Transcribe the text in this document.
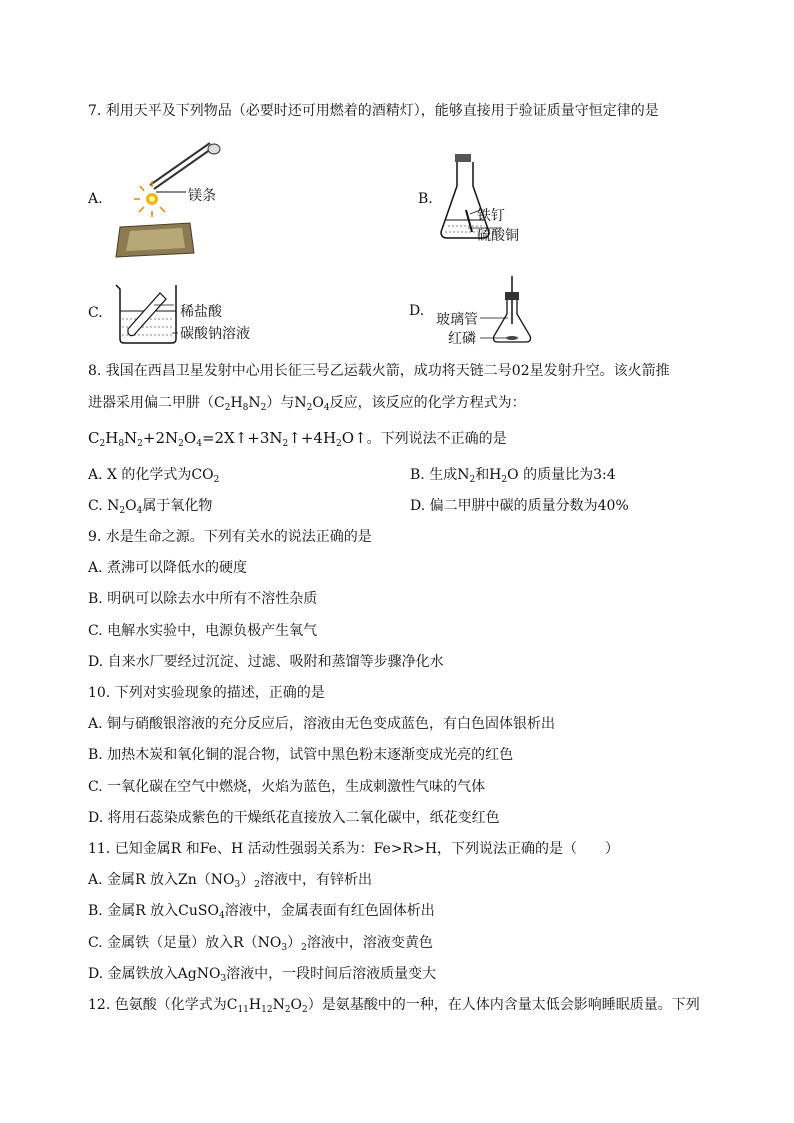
7. 利用天平及下列物品（必要时还可用燃着的酒精灯），能够直接用于验证质量守恒定律的是
A.	镁条	B.
铁钉
硫酸铜
C.	稀盐酸
碳酸钠溶液
D.
玻璃管
红磷
8. 我国在西昌卫星发射中心用长征三号乙运载火箭，成功将天链二号02星发射升空。该火箭推
进器采用偏二甲肼$(C_2H_8N_2)$与$N_2O_4$反应，该反应的化学方程式为：
$C_2H_8N_2+2N_2O_4=2X↑+3N_2↑+4H_2O↑$。下列说法不正确的是
A. X 的化学式为$CO_2$	B. 生成$N_2$和$H_2O$ 的质量比为3:4
C. $N_2O_4$属于氧化物	D. 偏二甲肼中碳的质量分数为40%
9. 水是生命之源。下列有关水的说法正确的是
A. 煮沸可以降低水的硬度
B. 明矾可以除去水中所有不溶性杂质
C. 电解水实验中，电源负极产生氧气
D. 自来水厂要经过沉淀、过滤、吸附和蒸馏等步骤净化水
10. 下列对实验现象的描述，正确的是
A. 铜与硝酸银溶液的充分反应后，溶液由无色变成蓝色，有白色固体银析出
B. 加热木炭和氧化铜的混合物，试管中黑色粉末逐渐变成光亮的红色
C. 一氧化碳在空气中燃烧，火焰为蓝色，生成刺激性气味的气体
D. 将用石蕊染成紫色的干燥纸花直接放入二氧化碳中，纸花变红色
11. 已知金属R 和Fe、H 活动性强弱关系为：Fe>R>H，下列说法正确的是（　　）
A. 金属R 放入$Zn(NO_3)_2$溶液中，有锌析出
B. 金属R 放入CuSO$_4$溶液中，金属表面有红色固体析出
C. 金属铁（足量）放入$R(NO_3)_2$溶液中，溶液变黄色
D. 金属铁放入AgNO$_3$溶液中，一段时间后溶液质量变大
12. 色氨酸（化学式为$C_{11}H_{12}N_2O_2$）是氨基酸中的一种，在人体内含量太低会影响睡眠质量。下列
